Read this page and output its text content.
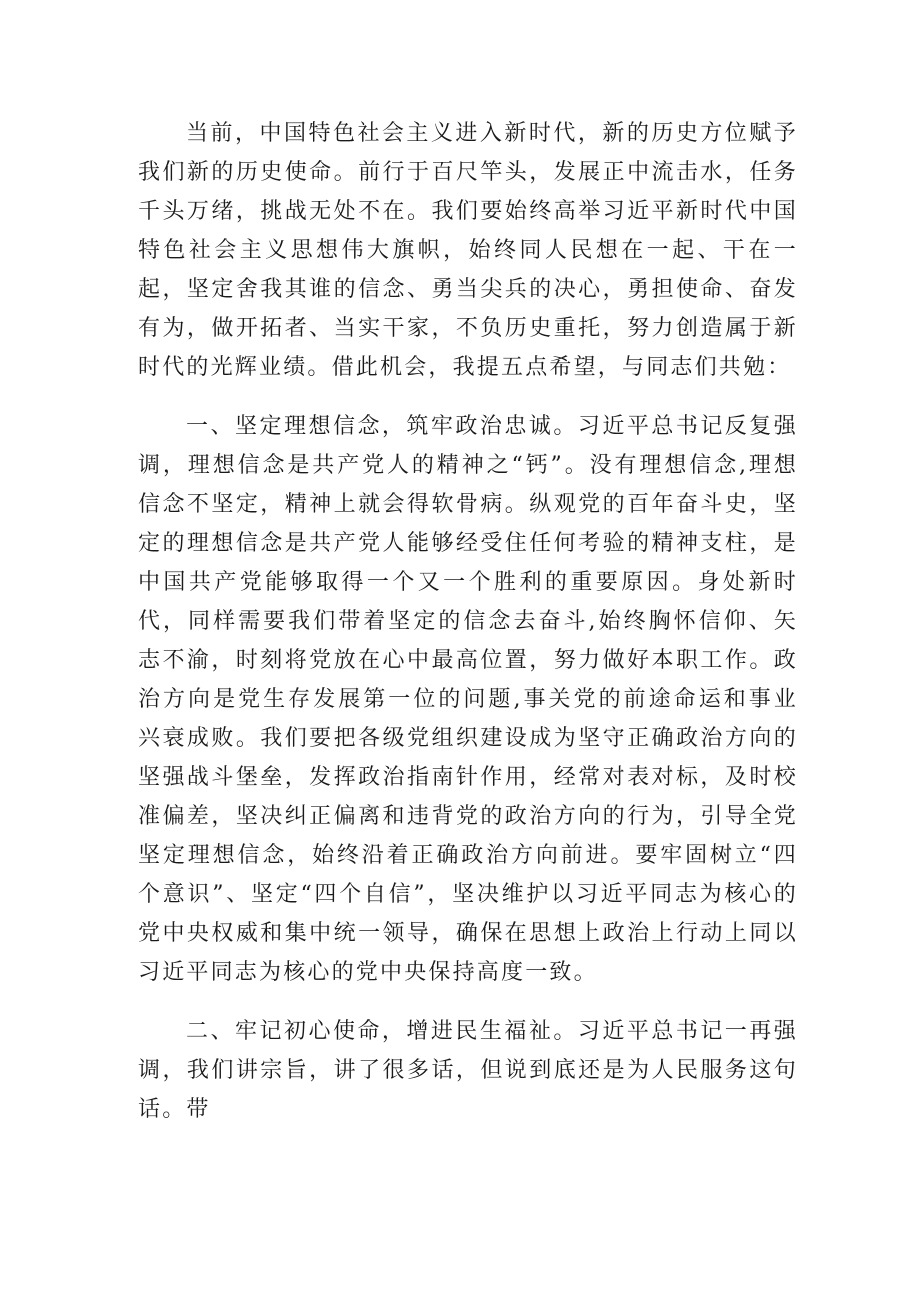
当前，中国特色社会主义进入新时代，新的历史方位赋予我们新的历史使命。前行于百尺竿头，发展正中流击水，任务千头万绪，挑战无处不在。我们要始终高举习近平新时代中国特色社会主义思想伟大旗帜，始终同人民想在一起、干在一起，坚定舍我其谁的信念、勇当尖兵的决心，勇担使命、奋发有为，做开拓者、当实干家，不负历史重托，努力创造属于新时代的光辉业绩。借此机会，我提五点希望，与同志们共勉：

一、坚定理想信念，筑牢政治忠诚。习近平总书记反复强调，理想信念是共产党人的精神之“钙”。没有理想信念,理想信念不坚定，精神上就会得软骨病。纵观党的百年奋斗史，坚定的理想信念是共产党人能够经受住任何考验的精神支柱，是中国共产党能够取得一个又一个胜利的重要原因。身处新时代，同样需要我们带着坚定的信念去奋斗,始终胸怀信仰、矢志不渝，时刻将党放在心中最高位置，努力做好本职工作。政治方向是党生存发展第一位的问题,事关党的前途命运和事业兴衰成败。我们要把各级党组织建设成为坚守正确政治方向的坚强战斗堡垒，发挥政治指南针作用，经常对表对标，及时校准偏差，坚决纠正偏离和违背党的政治方向的行为，引导全党坚定理想信念，始终沿着正确政治方向前进。要牢固树立“四个意识”、坚定“四个自信”，坚决维护以习近平同志为核心的党中央权威和集中统一领导，确保在思想上政治上行动上同以习近平同志为核心的党中央保持高度一致。

二、牢记初心使命，增进民生福祉。习近平总书记一再强调，我们讲宗旨，讲了很多话，但说到底还是为人民服务这句话。带
